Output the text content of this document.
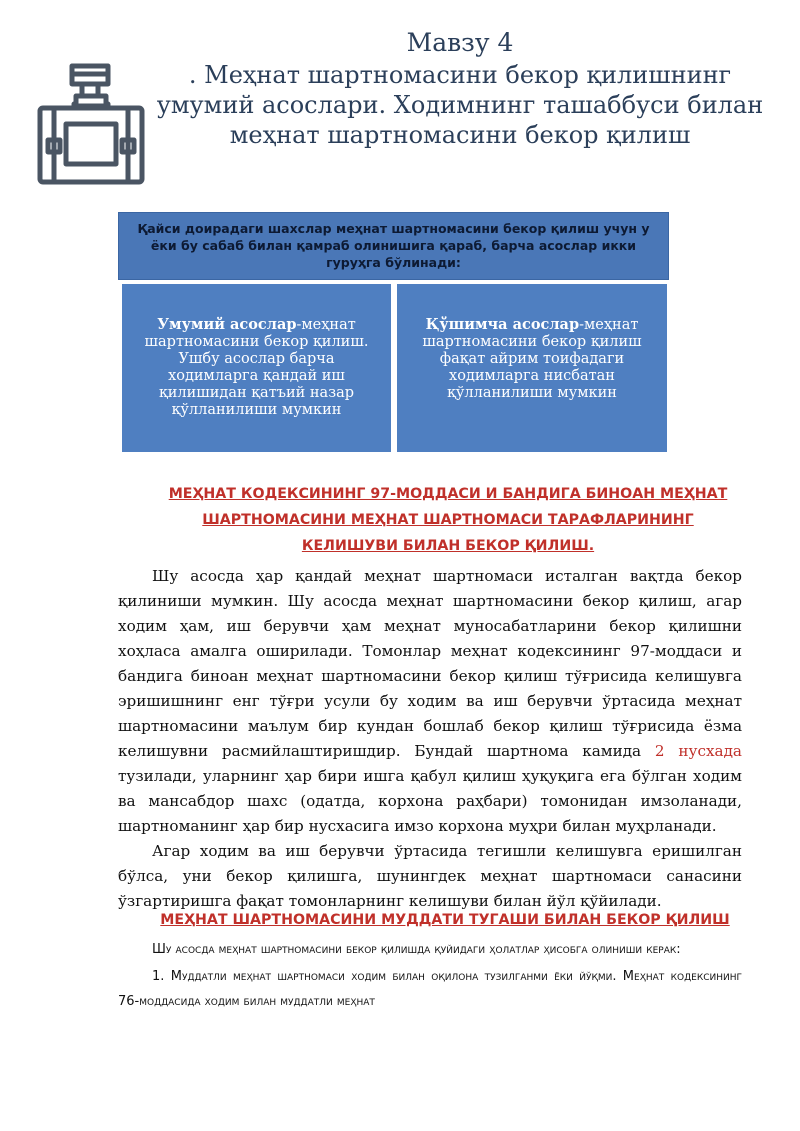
Мавзу 4
. Меҳнат шартномасини бекор қилишнинг умумий асослари. Ходимнинг ташаббуси билан меҳнат шартномасини бекор қилиш
Қайси доирадаги шахслар меҳнат шартномасини бекор қилиш учун у ёки бу сабаб билан қамраб олинишига қараб, барча асослар икки гуруҳга бўлинади:
Умумий асослар-меҳнат шартномасини бекор қилиш. Ушбу асослар барча ходимларга қандай иш қилишидан қатъий назар қўлланилиши мумкин
Қўшимча асослар-меҳнат шартномасини бекор қилиш фақат айрим тоифадаги ходимларга нисбатан қўлланилиши мумкин
МЕҲНАТ КОДЕКСИНИНГ 97-МОДДАСИ И БАНДИГА БИНОАН МЕҲНАТ ШАРТНОМАСИНИ МЕҲНАТ ШАРТНОМАСИ ТАРАФЛАРИНИНГ КЕЛИШУВИ БИЛАН БЕКОР ҚИЛИШ.

Шу асосда ҳар қандай меҳнат шартномаси исталган вақтда бекор қилиниши мумкин. Шу асосда меҳнат шартномасини бекор қилиш, агар ходим ҳам, иш берувчи ҳам меҳнат муносабатларини бекор қилишни хоҳласа амалга оширилади. Томонлар меҳнат кодексининг 97-моддаси и бандига биноан меҳнат шартномасини бекор қилиш тўғрисида келишувга эришишнинг енг тўғри усули бу ходим ва иш берувчи ўртасида меҳнат шартномасини маълум бир кундан бошлаб бекор қилиш тўғрисида ёзма келишувни расмийлаштиришдир. Бундай шартнома камида 2 нусхада тузилади, уларнинг ҳар бири ишга қабул қилиш ҳуқуқига ега бўлган ходим ва мансабдор шахс (одатда, корхона раҳбари) томонидан имзоланади, шартноманинг ҳар бир нусхасига имзо корхона муҳри билан муҳрланади.

Агар ходим ва иш берувчи ўртасида тегишли келишувга еришилган бўлса, уни бекор қилишга, шунингдек меҳнат шартномаси санасини ўзгартиришга фақат томонларнинг келишуви билан йўл қўйилади.

МЕҲНАТ ШАРТНОМАСИНИ МУДДАТИ ТУГАШИ БИЛАН БЕКОР ҚИЛИШ

Шу асосда меҳнат шартномасини бекор қилишда қуйидаги ҳолатлар ҳисобга олиниши керак:

1. Муддатли меҳнат шартномаси ходим билан оқилона тузилганми ёки йўқми. Меҳнат кодексининг 76-моддасида ходим билан муддатли меҳнат
